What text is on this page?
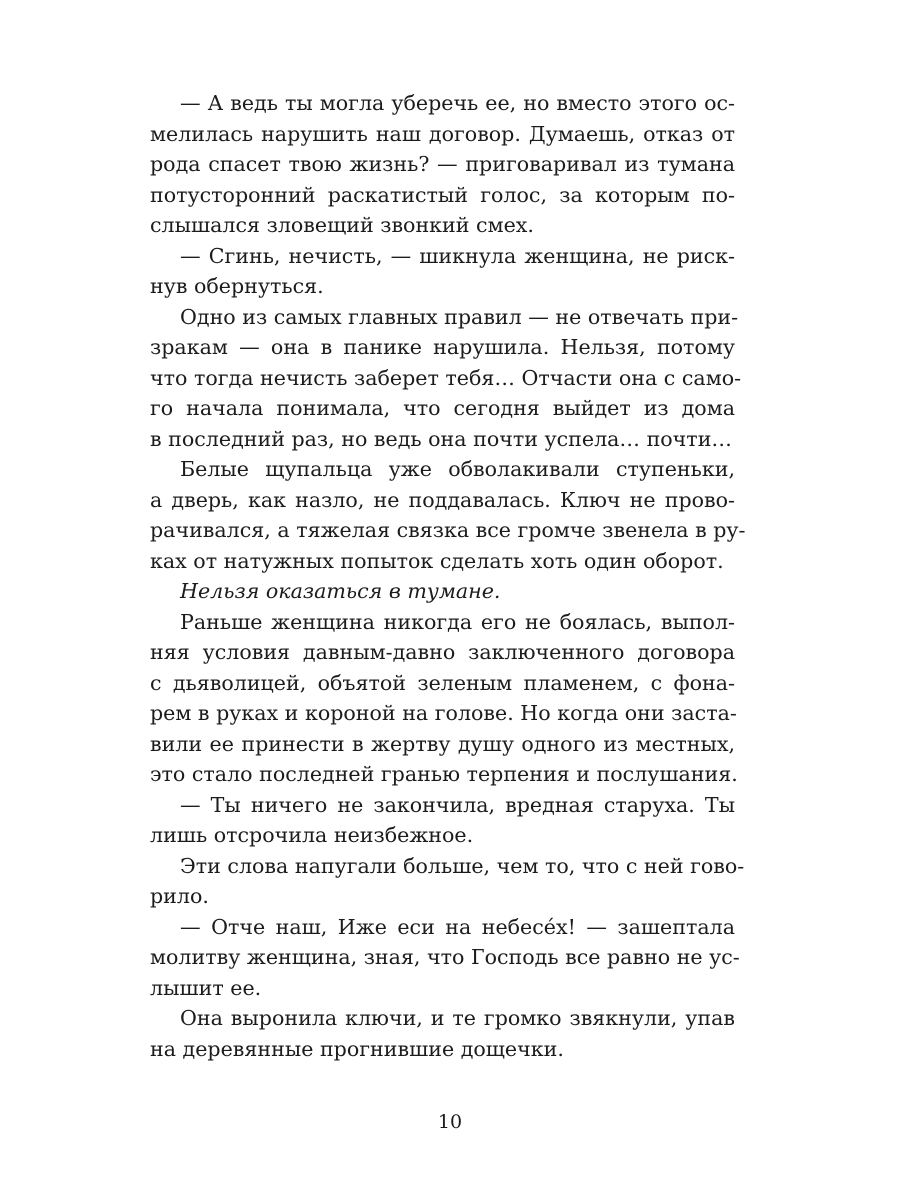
— А ведь ты могла уберечь ее, но вместо этого ос-
мелилась нарушить наш договор. Думаешь, отказ от
рода спасет твою жизнь? — приговаривал из тумана
потусторонний раскатистый голос, за которым по-
слышался зловещий звонкий смех.
— Сгинь, нечисть, — шикнула женщина, не риск-
нув обернуться.
Одно из самых главных правил — не отвечать при-
зракам — она в панике нарушила. Нельзя, потому
что тогда нечисть заберет тебя… Отчасти она с само-
го начала понимала, что сегодня выйдет из дома
в последний раз, но ведь она почти успела… почти…
Белые щупальца уже обволакивали ступеньки,
а дверь, как назло, не поддавалась. Ключ не прово-
рачивался, а тяжелая связка все громче звенела в ру-
ках от натужных попыток сделать хоть один оборот.
Нельзя оказаться в тумане.
Раньше женщина никогда его не боялась, выпол-
няя условия давным-давно заключенного договора
с дьяволицей, объятой зеленым пламенем, с фона-
рем в руках и короной на голове. Но когда они заста-
вили ее принести в жертву душу одного из местных,
это стало последней гранью терпения и послушания.
— Ты ничего не закончила, вредная старуха. Ты
лишь отсрочила неизбежное.
Эти слова напугали больше, чем то, что с ней гово-
рило.
— Отче наш, Иже еси на небесе́х! — зашептала
молитву женщина, зная, что Господь все равно не ус-
лышит ее.
Она выронила ключи, и те громко звякнули, упав
на деревянные прогнившие дощечки.
10
